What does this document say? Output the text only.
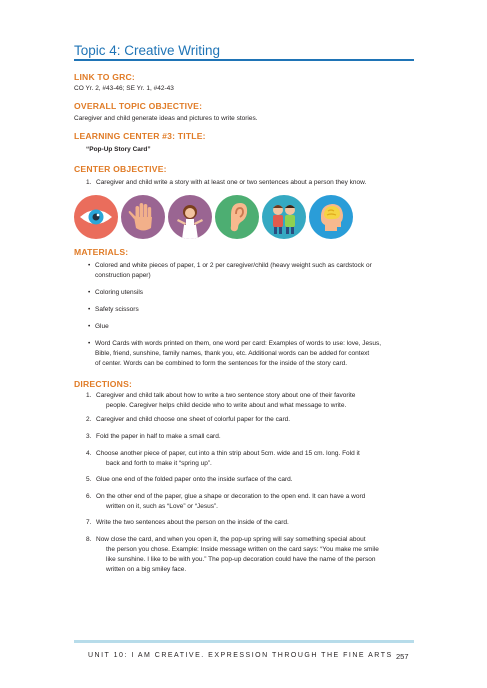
Topic 4: Creative Writing
LINK TO GRC:
CO Yr. 2, #43-46; SE Yr. 1, #42-43
OVERALL TOPIC OBJECTIVE:
Caregiver and child generate ideas and pictures to write stories.
LEARNING CENTER #3: TITLE:
“Pop-Up Story Card”
CENTER OBJECTIVE:
1. Caregiver and child write a story with at least one or two sentences about a person they know.
MATERIALS:
• Colored and white pieces of paper, 1 or 2 per caregiver/child (heavy weight such as cardstock or
construction paper)
• Coloring utensils
• Safety scissors
• Glue
• Word Cards with words printed on them, one word per card: Examples of words to use: love, Jesus,
Bible, friend, sunshine, family names, thank you, etc. Additional words can be added for context
of center. Words can be combined to form the sentences for the inside of the story card.
DIRECTIONS:
1. Caregiver and child talk about how to write a two sentence story about one of their favorite
people. Caregiver helps child decide who to write about and what message to write.
2. Caregiver and child choose one sheet of colorful paper for the card.
3. Fold the paper in half to make a small card.
4. Choose another piece of paper, cut into a thin strip about 5cm. wide and 15 cm. long. Fold it
back and forth to make it “spring up”.
5. Glue one end of the folded paper onto the inside surface of the card.
6. On the other end of the paper, glue a shape or decoration to the open end. It can have a word
written on it, such as “Love” or “Jesus”.
7. Write the two sentences about the person on the inside of the card.
8. Now close the card, and when you open it, the pop-up spring will say something special about
the person you chose. Example: Inside message written on the card says: “You make me smile
like sunshine. I like to be with you.” The pop-up decoration could have the name of the person
written on a big smiley face.
UNIT 10: I AM CREATIVE. EXPRESSION THROUGH THE FINE ARTS 257
